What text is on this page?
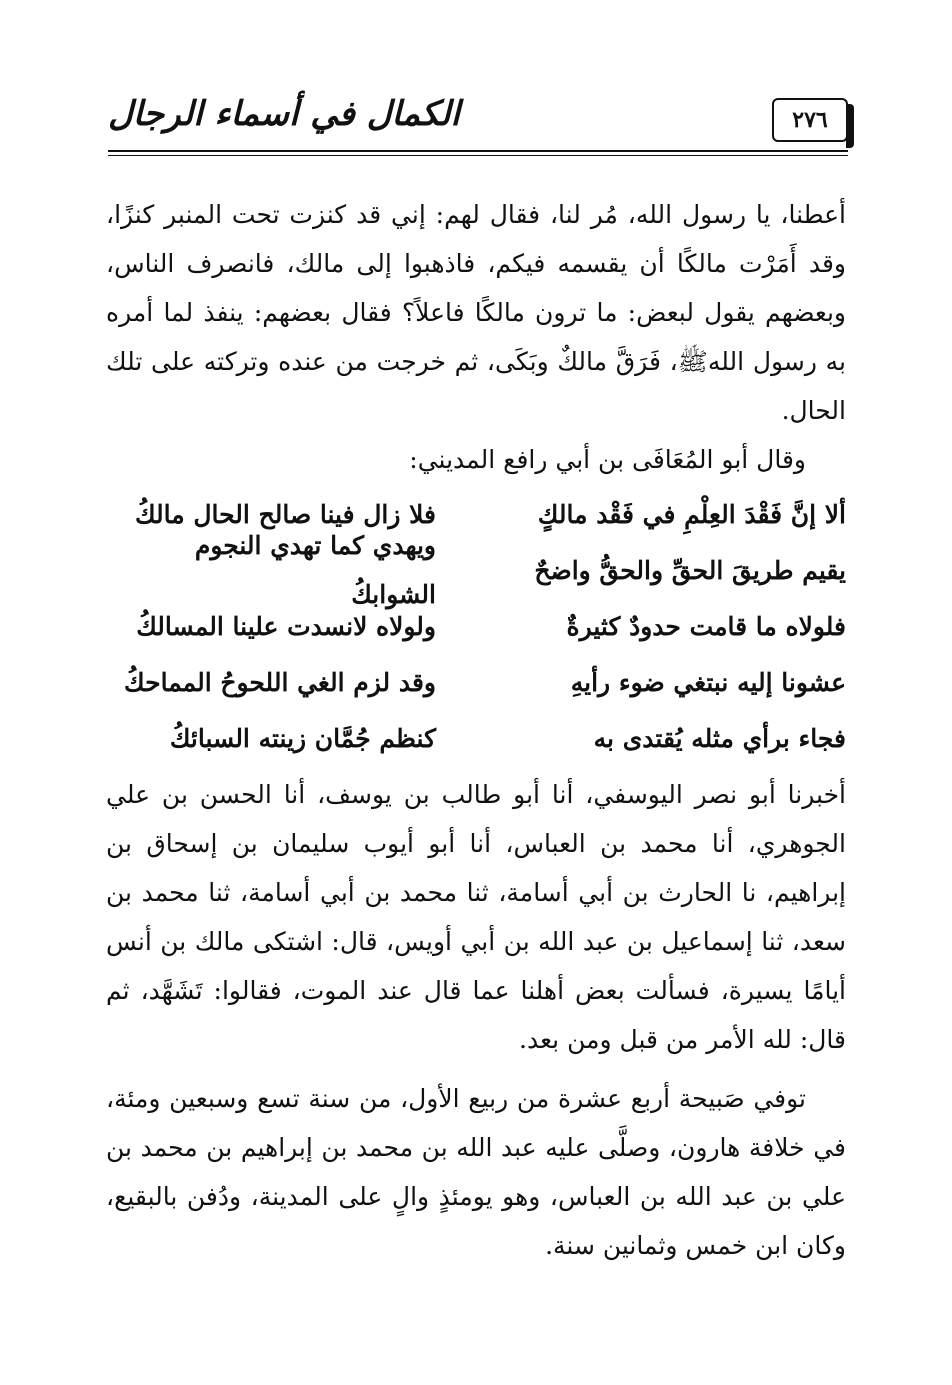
٢٧٦
الكمال في أسماء الرجال

أعطنا، يا رسول الله، مُر لنا، فقال لهم: إني قد كنزت تحت المنبر كنزًا، وقد أَمَرْت مالكًا أن يقسمه فيكم، فاذهبوا إلى مالك، فانصرف الناس، وبعضهم يقول لبعض: ما ترون مالكًا فاعلاً؟ فقال بعضهم: ينفذ لما أمره به رسول اللهﷺ، فَرَقَّ مالكٌ وبَكَى، ثم خرجت من عنده وتركته على تلك الحال.

وقال أبو المُعَافَى بن أبي رافع المديني:

ألا إنَّ فَقْدَ العِلْمِ في فَقْد مالكٍ
فلا زال فينا صالح الحال مالكُ
يقيم طريقَ الحقِّ والحقُّ واضحٌ
ويهدي كما تهدي النجوم الشوابكُ
فلولاه ما قامت حدودٌ كثيرةٌ
ولولاه لانسدت علينا المسالكُ
عشونا إليه نبتغي ضوء رأيهِ
وقد لزم الغي اللحوحُ المماحكُ
فجاء برأي مثله يُقتدى به
كنظم جُمَّان زينته السبائكُ

أخبرنا أبو نصر اليوسفي، أنا أبو طالب بن يوسف، أنا الحسن بن علي الجوهري، أنا محمد بن العباس، أنا أبو أيوب سليمان بن إسحاق بن إبراهيم، نا الحارث بن أبي أسامة، ثنا محمد بن أبي أسامة، ثنا محمد بن سعد، ثنا إسماعيل بن عبد الله بن أبي أويس، قال: اشتكى مالك بن أنس أيامًا يسيرة، فسألت بعض أهلنا عما قال عند الموت، فقالوا: تَشَهَّد، ثم قال: لله الأمر من قبل ومن بعد.

توفي صَبيحة أربع عشرة من ربيع الأول، من سنة تسع وسبعين ومئة، في خلافة هارون، وصلَّى عليه عبد الله بن محمد بن إبراهيم بن محمد بن علي بن عبد الله بن العباس، وهو يومئذٍ والٍ على المدينة، ودُفن بالبقيع، وكان ابن خمس وثمانين سنة.
